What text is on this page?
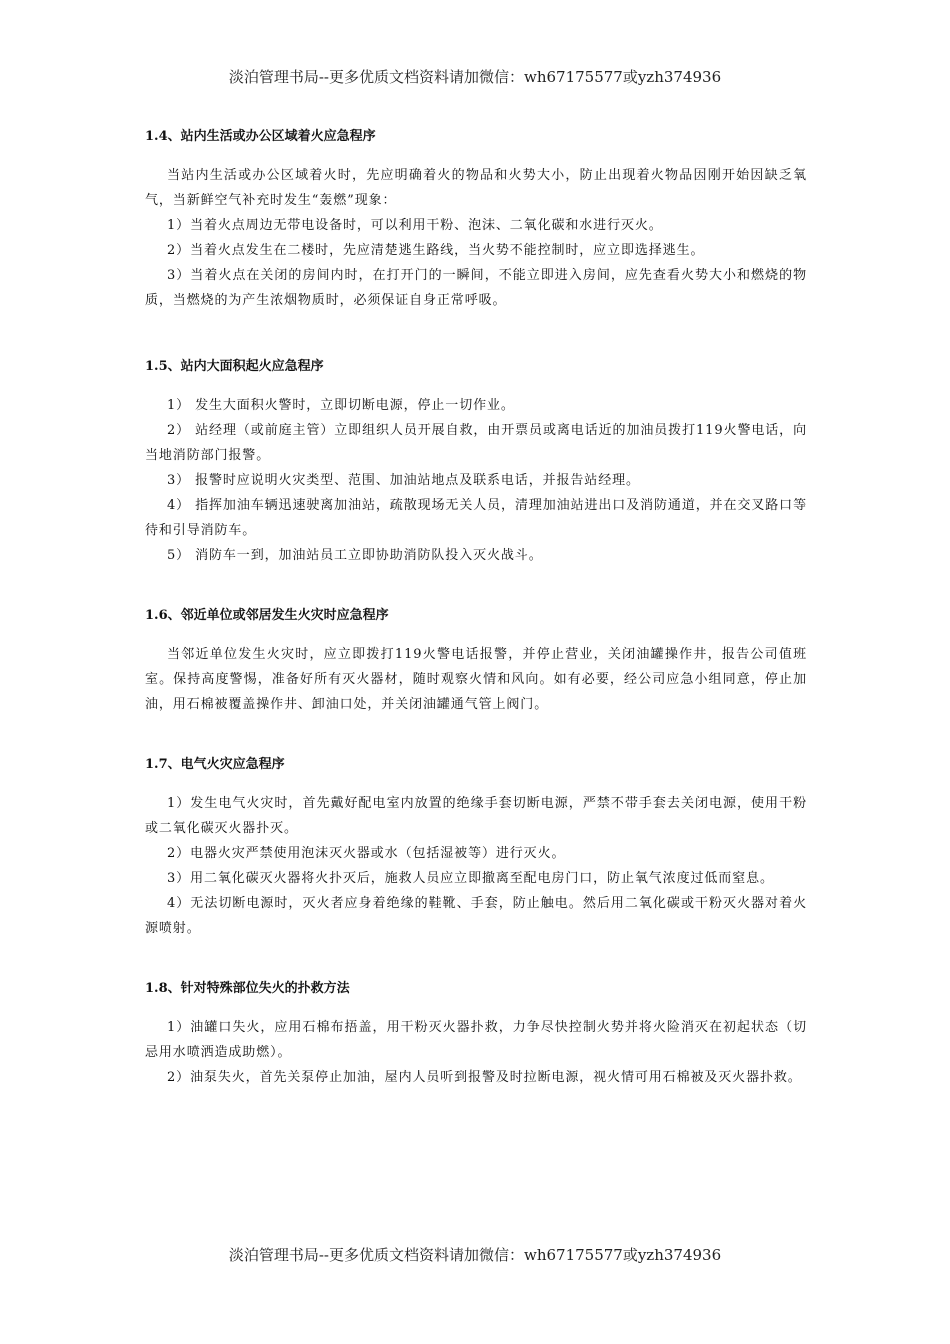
淡泊管理书局--更多优质文档资料请加微信：wh67175577或yzh374936

1.4、站内生活或办公区域着火应急程序

当站内生活或办公区域着火时，先应明确着火的物品和火势大小，防止出现着火物品因刚开始因缺乏氧气，当新鲜空气补充时发生“轰燃”现象：

1）当着火点周边无带电设备时，可以利用干粉、泡沫、二氧化碳和水进行灭火。

2）当着火点发生在二楼时，先应清楚逃生路线，当火势不能控制时，应立即选择逃生。

3）当着火点在关闭的房间内时，在打开门的一瞬间，不能立即进入房间，应先查看火势大小和燃烧的物质，当燃烧的为产生浓烟物质时，必须保证自身正常呼吸。

1.5、站内大面积起火应急程序

1） 发生大面积火警时，立即切断电源，停止一切作业。

2） 站经理（或前庭主管）立即组织人员开展自救，由开票员或离电话近的加油员拨打119火警电话，向当地消防部门报警。

3） 报警时应说明火灾类型、范围、加油站地点及联系电话，并报告站经理。

4） 指挥加油车辆迅速驶离加油站，疏散现场无关人员，清理加油站进出口及消防通道，并在交叉路口等待和引导消防车。

5） 消防车一到，加油站员工立即协助消防队投入灭火战斗。

1.6、邻近单位或邻居发生火灾时应急程序

当邻近单位发生火灾时，应立即拨打119火警电话报警，并停止营业，关闭油罐操作井，报告公司值班室。保持高度警惕，准备好所有灭火器材，随时观察火情和风向。如有必要，经公司应急小组同意，停止加油，用石棉被覆盖操作井、卸油口处，并关闭油罐通气管上阀门。

1.7、电气火灾应急程序

1）发生电气火灾时，首先戴好配电室内放置的绝缘手套切断电源，严禁不带手套去关闭电源，使用干粉或二氧化碳灭火器扑灭。

2）电器火灾严禁使用泡沫灭火器或水（包括湿被等）进行灭火。

3）用二氧化碳灭火器将火扑灭后，施救人员应立即撤离至配电房门口，防止氧气浓度过低而窒息。

4）无法切断电源时，灭火者应身着绝缘的鞋靴、手套，防止触电。然后用二氧化碳或干粉灭火器对着火源喷射。

1.8、针对特殊部位失火的扑救方法

1）油罐口失火，应用石棉布捂盖，用干粉灭火器扑救，力争尽快控制火势并将火险消灭在初起状态（切忌用水喷洒造成助燃）。

2）油泵失火，首先关泵停止加油，屋内人员听到报警及时拉断电源，视火情可用石棉被及灭火器扑救。

淡泊管理书局--更多优质文档资料请加微信：wh67175577或yzh374936
